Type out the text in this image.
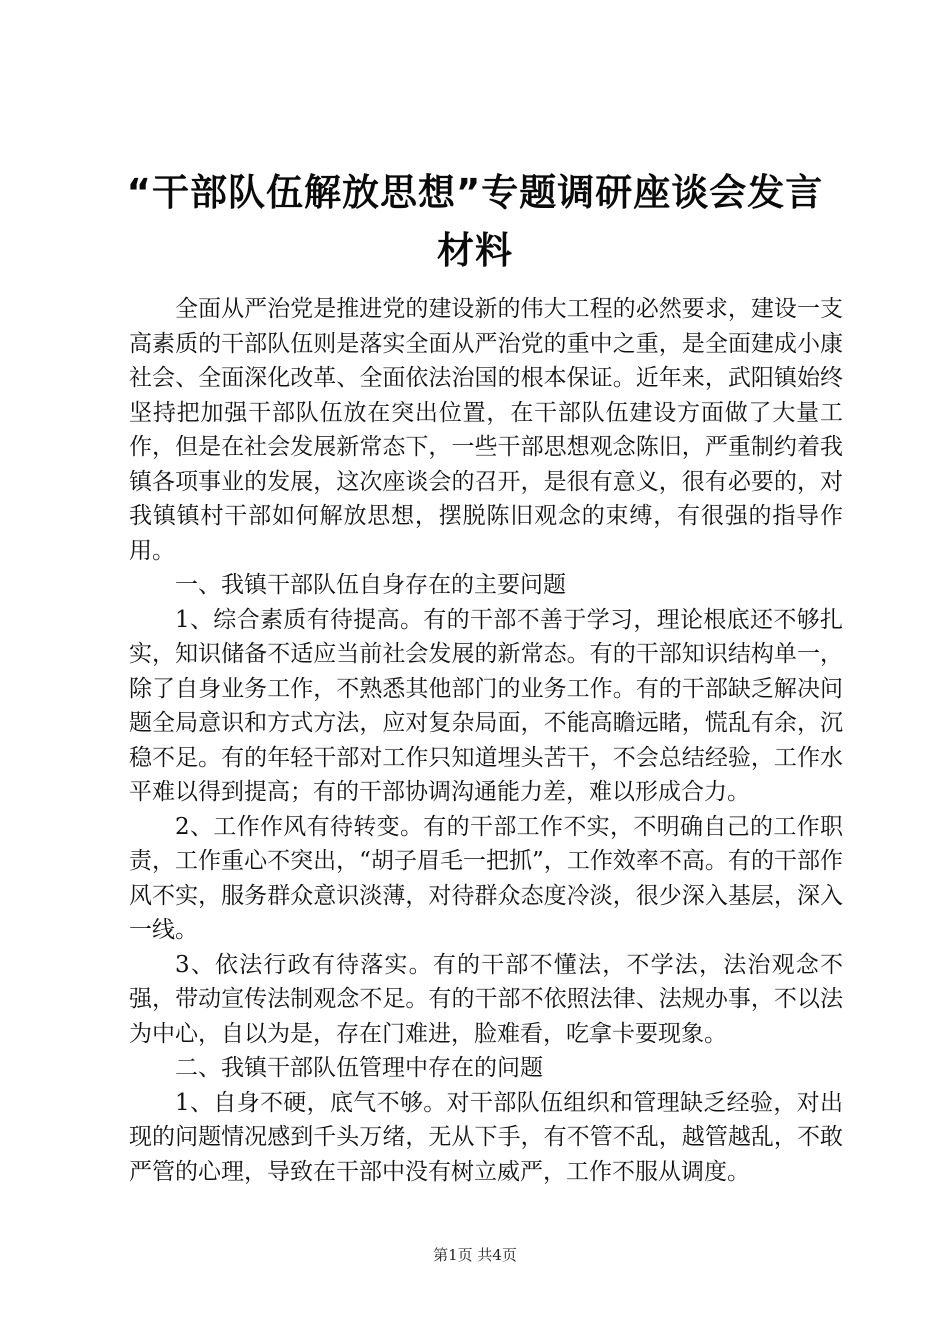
“干部队伍解放思想”专题调研座谈会发言材料

全面从严治党是推进党的建设新的伟大工程的必然要求，建设一支高素质的干部队伍则是落实全面从严治党的重中之重，是全面建成小康社会、全面深化改革、全面依法治国的根本保证。近年来，武阳镇始终坚持把加强干部队伍放在突出位置，在干部队伍建设方面做了大量工作，但是在社会发展新常态下，一些干部思想观念陈旧，严重制约着我镇各项事业的发展，这次座谈会的召开，是很有意义，很有必要的，对我镇镇村干部如何解放思想，摆脱陈旧观念的束缚，有很强的指导作用。

一、我镇干部队伍自身存在的主要问题

1、综合素质有待提高。有的干部不善于学习，理论根底还不够扎实，知识储备不适应当前社会发展的新常态。有的干部知识结构单一，除了自身业务工作，不熟悉其他部门的业务工作。有的干部缺乏解决问题全局意识和方式方法，应对复杂局面，不能高瞻远睹，慌乱有余，沉稳不足。有的年轻干部对工作只知道埋头苦干，不会总结经验，工作水平难以得到提高；有的干部协调沟通能力差，难以形成合力。

2、工作作风有待转变。有的干部工作不实，不明确自己的工作职责，工作重心不突出，“胡子眉毛一把抓”，工作效率不高。有的干部作风不实，服务群众意识淡薄，对待群众态度冷淡，很少深入基层，深入一线。

3、依法行政有待落实。有的干部不懂法，不学法，法治观念不强，带动宣传法制观念不足。有的干部不依照法律、法规办事，不以法为中心，自以为是，存在门难进，脸难看，吃拿卡要现象。

二、我镇干部队伍管理中存在的问题

1、自身不硬，底气不够。对干部队伍组织和管理缺乏经验，对出现的问题情况感到千头万绪，无从下手，有不管不乱，越管越乱，不敢严管的心理，导致在干部中没有树立威严，工作不服从调度。

第1页 共4页
